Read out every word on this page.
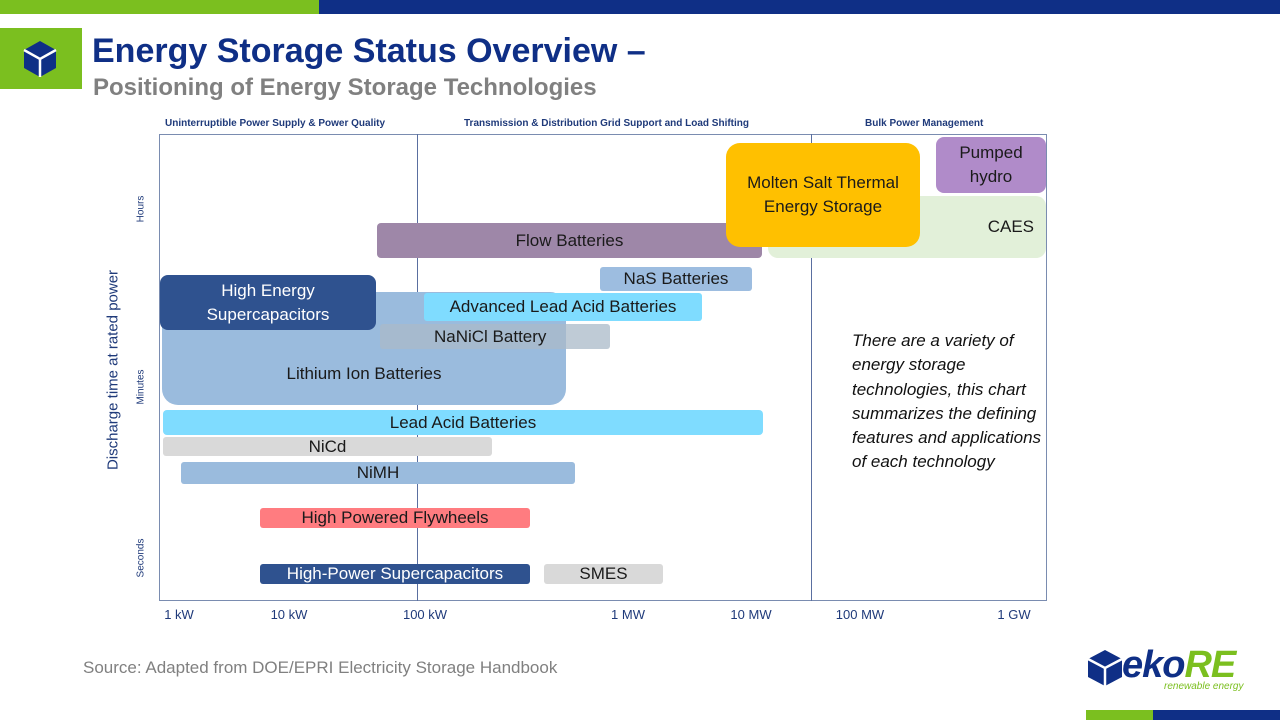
Energy Storage Status Overview –
Positioning of Energy Storage Technologies
Uninterruptible Power Supply & Power Quality	Transmission & Distribution Grid Support and Load Shifting	Bulk Power Management
Discharge time at rated power
Hours
Minutes
Seconds
1 kW	10 kW	100 kW	1 MW	10 MW	100 MW	1 GW
CAES
Pumped hydro
Flow Batteries
Molten Salt Thermal Energy Storage
NaS Batteries
Lithium Ion Batteries
NaNiCl Battery
Advanced Lead Acid Batteries
High Energy Supercapacitors
Lead Acid Batteries
NiCd
NiMH
High Powered Flywheels
High-Power Supercapacitors	SMES
There are a variety of energy storage technologies, this chart summarizes the defining features and applications of each technology
Source: Adapted from DOE/EPRI Electricity Storage Handbook	ekoRE
renewable energy
